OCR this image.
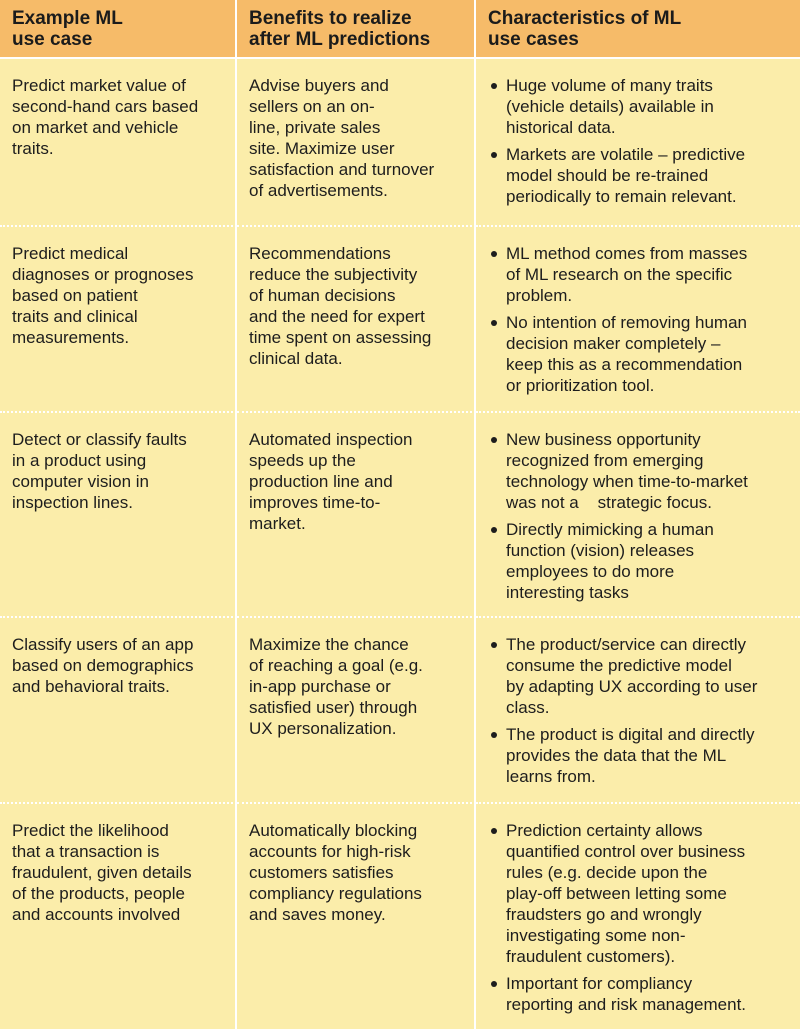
Example ML
use case
Benefits to realize
after ML predictions
Characteristics of ML
use cases
Predict market value of
second-hand cars based
on market and vehicle
traits.
Advise buyers and
sellers on an on-
line, private sales
site. Maximize user
satisfaction and turnover
of advertisements.
Huge volume of many traits
(vehicle details) available in
historical data.
Markets are volatile – predictive
model should be re-trained
periodically to remain relevant.
Predict medical
diagnoses or prognoses
based on patient
traits and clinical
measurements.
Recommendations
reduce the subjectivity
of human decisions
and the need for expert
time spent on assessing
clinical data.
ML method comes from masses
of ML research on the specific
problem.
No intention of removing human
decision maker completely –
keep this as a recommendation
or prioritization tool.
Detect or classify faults
in a product using
computer vision in
inspection lines.
Automated inspection
speeds up the
production line and
improves time-to-
market.
New business opportunity
recognized from emerging
technology when time-to-market
was not a    strategic focus.
Directly mimicking a human
function (vision) releases
employees to do more
interesting tasks
Classify users of an app
based on demographics
and behavioral traits.
Maximize the chance
of reaching a goal (e.g.
in-app purchase or
satisfied user) through
UX personalization.
The product/service can directly
consume the predictive model
by adapting UX according to user
class.
The product is digital and directly
provides the data that the ML
learns from.
Predict the likelihood
that a transaction is
fraudulent, given details
of the products, people
and accounts involved
Automatically blocking
accounts for high-risk
customers satisfies
compliancy regulations
and saves money.
Prediction certainty allows
quantified control over business
rules (e.g. decide upon the
play-off between letting some
fraudsters go and wrongly
investigating some non-
fraudulent customers).
Important for compliancy
reporting and risk management.
